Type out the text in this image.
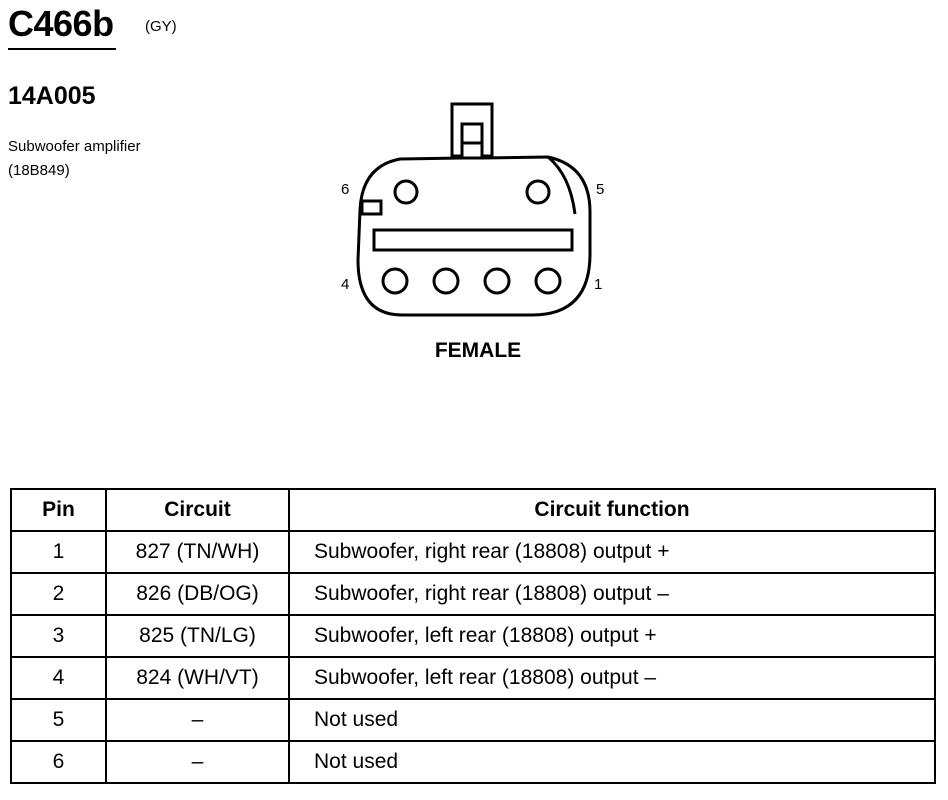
C466b (GY)
14A005
Subwoofer amplifier
(18B849)
6	5
4	1
FEMALE
Pin	Circuit	Circuit function
1	827 (TN/WH)	Subwoofer, right rear (18808) output +
2	826 (DB/OG)	Subwoofer, right rear (18808) output –
3	825 (TN/LG)	Subwoofer, left rear (18808) output +
4	824 (WH/VT)	Subwoofer, left rear (18808) output –
5	–	Not used
6	–	Not used
